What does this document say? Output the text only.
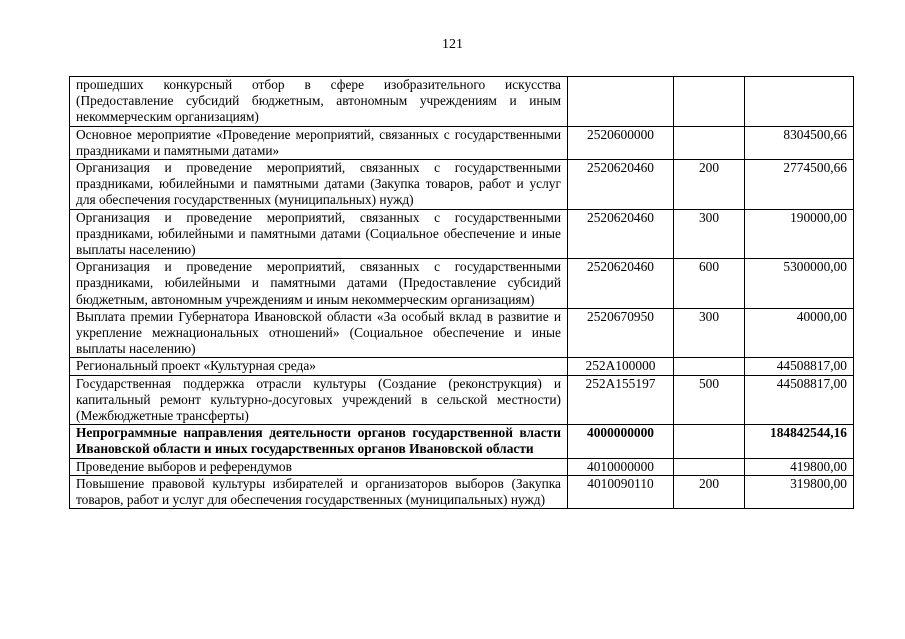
121
прошедших конкурсный отбор в сфере изобразительного искусства (Предоставление субсидий бюджетным, автономным учреждениям и иным некоммерческим организациям)			
Основное мероприятие «Проведение мероприятий, связанных с государственными праздниками и памятными датами»	2520600000		8304500,66
Организация и проведение мероприятий, связанных с государственными праздниками, юбилейными и памятными датами (Закупка товаров, работ и услуг для обеспечения государственных (муниципальных) нужд)	2520620460	200	2774500,66
Организация и проведение мероприятий, связанных с государственными праздниками, юбилейными и памятными датами (Социальное обеспечение и иные выплаты населению)	2520620460	300	190000,00
Организация и проведение мероприятий, связанных с государственными праздниками, юбилейными и памятными датами (Предоставление субсидий бюджетным, автономным учреждениям и иным некоммерческим организациям)	2520620460	600	5300000,00
Выплата премии Губернатора Ивановской области «За особый вклад в развитие и укрепление межнациональных отношений» (Социальное обеспечение и иные выплаты населению)	2520670950	300	40000,00
Региональный проект «Культурная среда»	252A100000		44508817,00
Государственная поддержка отрасли культуры (Создание (реконструкция) и капитальный ремонт культурно-досуговых учреждений в сельской местности) (Межбюджетные трансферты)	252A155197	500	44508817,00
Непрограммные направления деятельности органов государственной власти Ивановской области и иных государственных органов Ивановской области	4000000000		184842544,16
Проведение выборов и референдумов	4010000000		419800,00
Повышение правовой культуры избирателей и организаторов выборов (Закупка товаров, работ и услуг для обеспечения государственных (муниципальных) нужд)	4010090110	200	319800,00
